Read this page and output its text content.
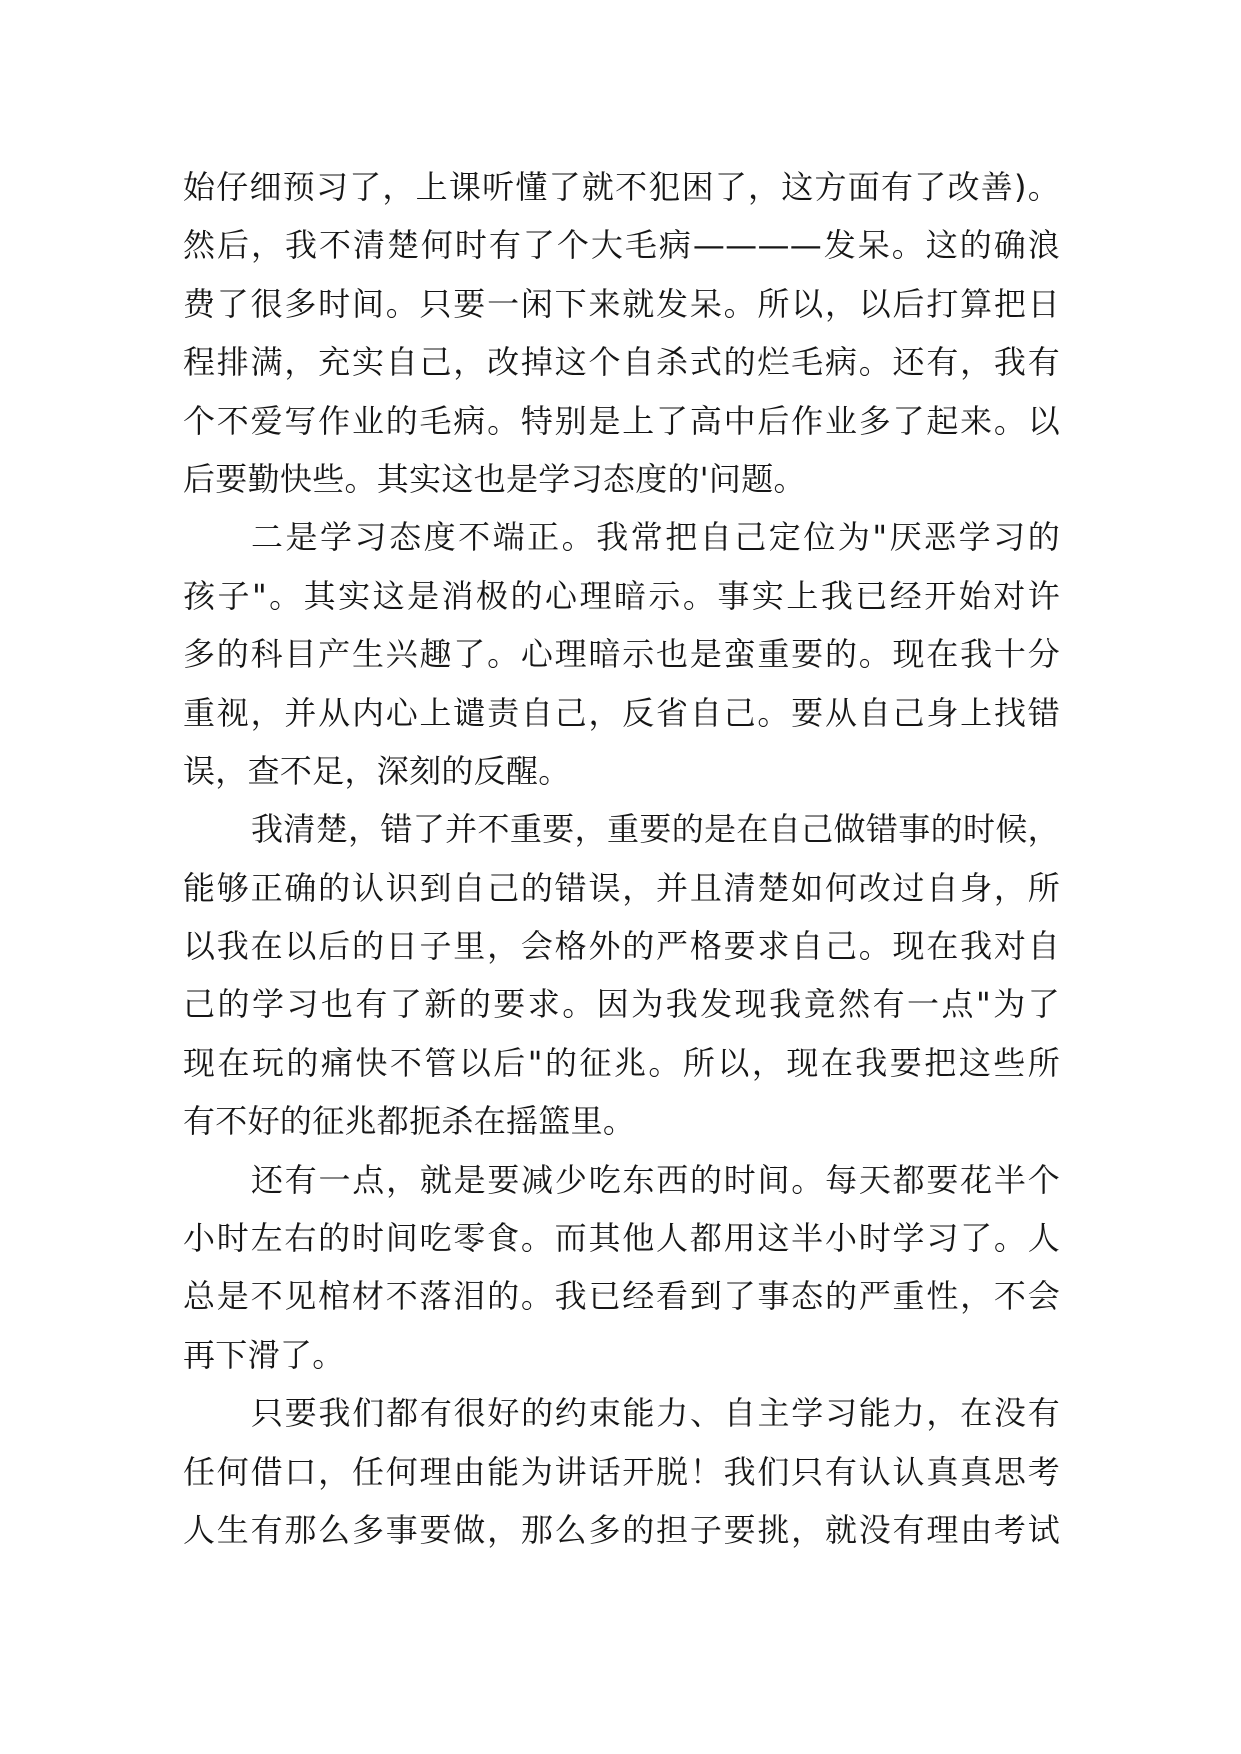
始仔细预习了，上课听懂了就不犯困了，这方面有了改善)。
然后，我不清楚何时有了个大毛病————发呆。这的确浪
费了很多时间。只要一闲下来就发呆。所以，以后打算把日
程排满，充实自己，改掉这个自杀式的烂毛病。还有，我有
个不爱写作业的毛病。特别是上了高中后作业多了起来。以
后要勤快些。其实这也是学习态度的'问题。
二是学习态度不端正。我常把自己定位为"厌恶学习的
孩子"。其实这是消极的心理暗示。事实上我已经开始对许
多的科目产生兴趣了。心理暗示也是蛮重要的。现在我十分
重视，并从内心上谴责自己，反省自己。要从自己身上找错
误，查不足，深刻的反醒。
我清楚，错了并不重要，重要的是在自己做错事的时候，
能够正确的认识到自己的错误，并且清楚如何改过自身，所
以我在以后的日子里，会格外的严格要求自己。现在我对自
己的学习也有了新的要求。因为我发现我竟然有一点"为了
现在玩的痛快不管以后"的征兆。所以，现在我要把这些所
有不好的征兆都扼杀在摇篮里。
还有一点，就是要减少吃东西的时间。每天都要花半个
小时左右的时间吃零食。而其他人都用这半小时学习了。人
总是不见棺材不落泪的。我已经看到了事态的严重性，不会
再下滑了。
只要我们都有很好的约束能力、自主学习能力，在没有
任何借口，任何理由能为讲话开脱！我们只有认认真真思考
人生有那么多事要做，那么多的担子要挑，就没有理由考试
